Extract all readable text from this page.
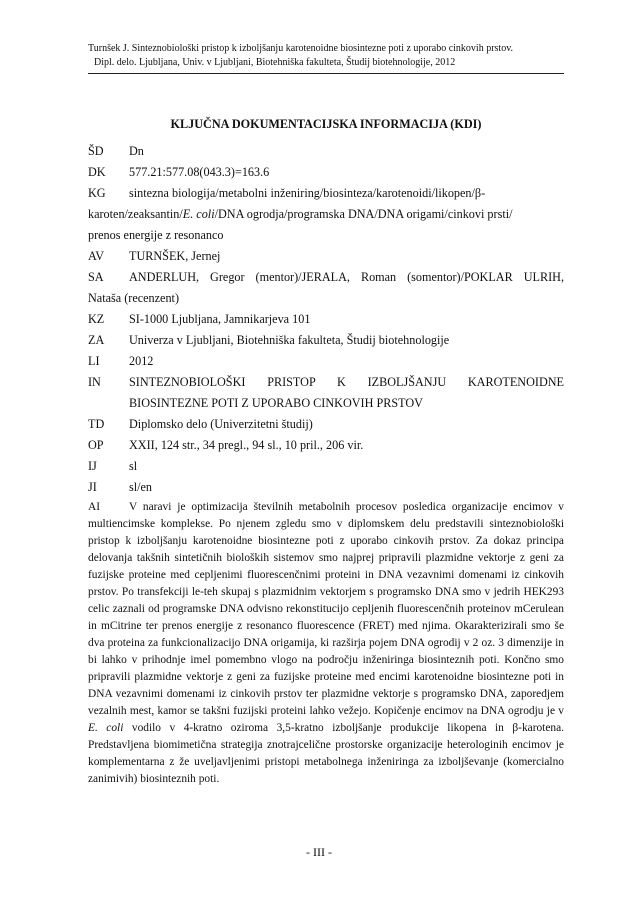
Turnšek J. Sinteznobiološki pristop k izboljšanju karotenoidne biosintezne poti z uporabo cinkovih prstov.
Dipl. delo. Ljubljana, Univ. v Ljubljani, Biotehniška fakulteta, Študij biotehnologije, 2012
KLJUČNA DOKUMENTACIJSKA INFORMACIJA (KDI)
ŠD	Dn
DK	577.21:577.08(043.3)=163.6
KG	sintezna biologija/metabolni inženiring/biosinteza/karotenoidi/likopen/β-
karoten/zeaksantin/E. coli/DNA ogrodja/programska DNA/DNA origami/cinkovi prsti/
prenos energije z resonanco
AV	TURNŠEK, Jernej
SA	ANDERLUH, Gregor (mentor)/JERALA, Roman (somentor)/POKLAR ULRIH,
Nataša (recenzent)
KZ	SI-1000 Ljubljana, Jamnikarjeva 101
ZA	Univerza v Ljubljani, Biotehniška fakulteta, Študij biotehnologije
LI	2012
IN	SINTEZNOBIOLOŠKI PRISTOP K IZBOLJŠANJU KAROTENOIDNE
BIOSINTEZNE POTI Z UPORABO CINKOVIH PRSTOV
TD	Diplomsko delo (Univerzitetni študij)
OP	XXII, 124 str., 34 pregl., 94 sl., 10 pril., 206 vir.
IJ	sl
JI	sl/en
AI	V naravi je optimizacija številnih metabolnih procesov posledica organizacije encimov v multiencimske komplekse. Po njenem zgledu smo v diplomskem delu predstavili sinteznobiološki pristop k izboljšanju karotenoidne biosintezne poti z uporabo cinkovih prstov. Za dokaz principa delovanja takšnih sintetičnih bioloških sistemov smo najprej pripravili plazmidne vektorje z geni za fuzijske proteine med cepljenimi fluorescenčnimi proteini in DNA vezavnimi domenami iz cinkovih prstov. Po transfekciji le-teh skupaj s plazmidnim vektorjem s programsko DNA smo v jedrih HEK293 celic zaznali od programske DNA odvisno rekonstitucijo cepljenih fluorescenčnih proteinov mCerulean in mCitrine ter prenos energije z resonanco fluorescence (FRET) med njima. Okarakterizirali smo še dva proteina za funkcionalizacijo DNA origamija, ki razširja pojem DNA ogrodij v 2 oz. 3 dimenzije in bi lahko v prihodnje imel pomembno vlogo na področju inženiringa biosinteznih poti. Končno smo pripravili plazmidne vektorje z geni za fuzijske proteine med encimi karotenoidne biosintezne poti in DNA vezavnimi domenami iz cinkovih prstov ter plazmidne vektorje s programsko DNA, zaporedjem vezalnih mest, kamor se takšni fuzijski proteini lahko vežejo. Kopičenje encimov na DNA ogrodju je v E. coli vodilo v 4-kratno oziroma 3,5-kratno izboljšanje produkcije likopena in β-karotena. Predstavljena biomimetična strategija znotrajcelične prostorske organizacije heterologinih encimov je komplementarna z že uveljavljenimi pristopi metabolnega inženiringa za izboljševanje (komercialno zanimivih) biosinteznih poti.
- III -
